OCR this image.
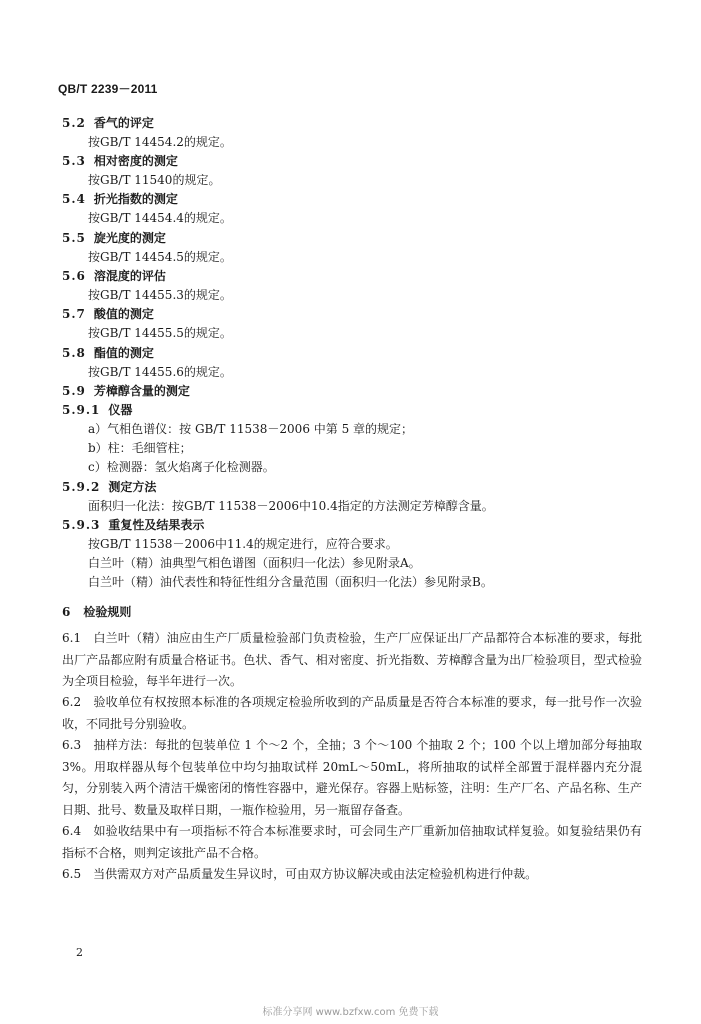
QB/T 2239－2011
5.2 香气的评定
按GB/T 14454.2的规定。
5.3 相对密度的测定
按GB/T 11540的规定。
5.4 折光指数的测定
按GB/T 14454.4的规定。
5.5 旋光度的测定
按GB/T 14454.5的规定。
5.6 溶混度的评估
按GB/T 14455.3的规定。
5.7 酸值的测定
按GB/T 14455.5的规定。
5.8 酯值的测定
按GB/T 14455.6的规定。
5.9 芳樟醇含量的测定
5.9.1 仪器
a）气相色谱仪：按 GB/T 11538－2006 中第 5 章的规定；
b）柱：毛细管柱；
c）检测器：氢火焰离子化检测器。
5.9.2 测定方法
面积归一化法：按GB/T 11538－2006中10.4指定的方法测定芳樟醇含量。
5.9.3 重复性及结果表示
按GB/T 11538－2006中11.4的规定进行，应符合要求。
白兰叶（精）油典型气相色谱图（面积归一化法）参见附录A。
白兰叶（精）油代表性和特征性组分含量范围（面积归一化法）参见附录B。
6 检验规则
6.1　白兰叶（精）油应由生产厂质量检验部门负责检验，生产厂应保证出厂产品都符合本标准的要求，每批出厂产品都应附有质量合格证书。色状、香气、相对密度、折光指数、芳樟醇含量为出厂检验项目，型式检验为全项目检验，每半年进行一次。
6.2　验收单位有权按照本标准的各项规定检验所收到的产品质量是否符合本标准的要求，每一批号作一次验收，不同批号分别验收。
6.3　抽样方法：每批的包装单位 1 个～2 个，全抽；3 个～100 个抽取 2 个；100 个以上增加部分每抽取 3%。用取样器从每个包装单位中均匀抽取试样 20mL～50mL，将所抽取的试样全部置于混样器内充分混匀，分别装入两个清洁干燥密闭的惰性容器中，避光保存。容器上贴标签，注明：生产厂名、产品名称、生产日期、批号、数量及取样日期，一瓶作检验用，另一瓶留存备查。
6.4　如验收结果中有一项指标不符合本标准要求时，可会同生产厂重新加倍抽取试样复验。如复验结果仍有指标不合格，则判定该批产品不合格。
6.5　当供需双方对产品质量发生异议时，可由双方协议解决或由法定检验机构进行仲裁。
2
标准分享网 www.bzfxw.com 免费下载
